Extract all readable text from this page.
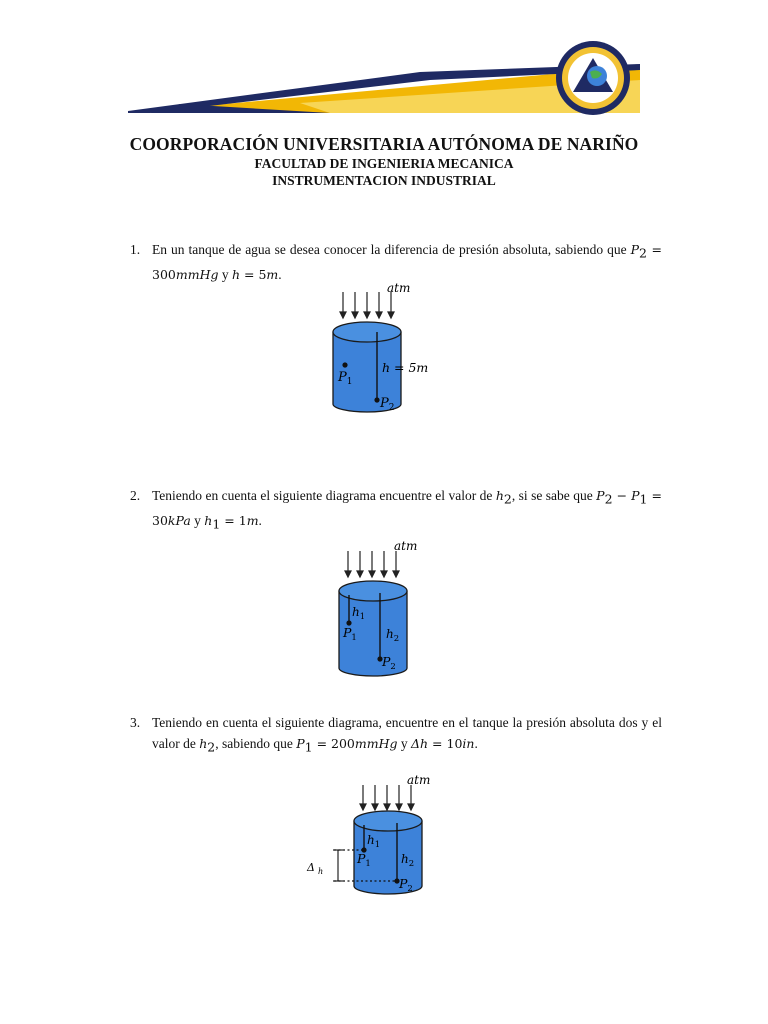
COORPORACIÓN UNIVERSITARIA AUTÓNOMA DE NARIÑO
FACULTAD DE INGENIERIA MECANICA
INSTRUMENTACION INDUSTRIAL
1. En un tanque de agua se desea conocer la diferencia de presión absoluta, sabiendo que $P_2$ = 300mmHg y h = 5m.
atm
$P_1$
$P_2$
h = 5m
2. Teniendo en cuenta el siguiente diagrama encuentre el valor de $h_2$, si se sabe que $P_2 - P_1 = 30kPa$ y $h_1 = 1m$.
atm
$h_1$
$P_1$ $h_2$
$P_2$
3. Teniendo en cuenta el siguiente diagrama, encuentre en el tanque la presión absoluta dos y el valor de $h_2$, sabiendo que $P_1$ = 200mmHg y Δh = 10in.
atm
Δ $_h$
$h_1$
$P_1$	$h_2$
$P_2$
